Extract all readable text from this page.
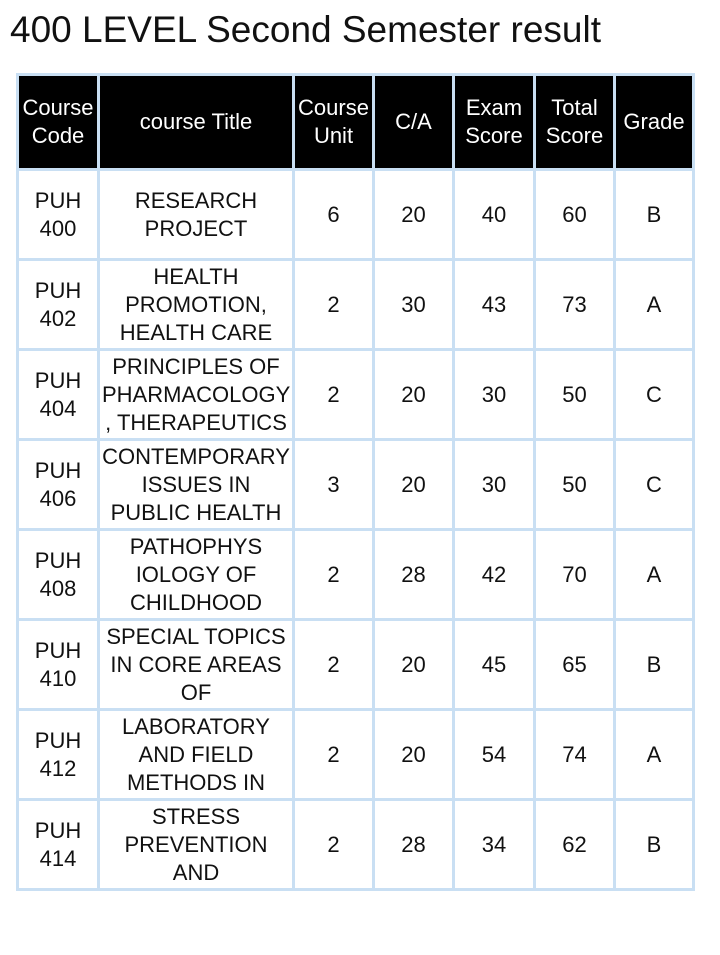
400 LEVEL Second Semester result
Course Code	course Title	Course Unit	C/A	Exam Score	Total Score	Grade
PUH 400	RESEARCH PROJECT	6	20	40	60	B
PUH 402	HEALTH PROMOTION, HEALTH CARE	2	30	43	73	A
PUH 404	PRINCIPLES OF PHARMACOLOGY , THERAPEUTICS	2	20	30	50	C
PUH 406	CONTEMPORARY ISSUES IN PUBLIC HEALTH	3	20	30	50	C
PUH 408	PATHOPHYS IOLOGY OF CHILDHOOD	2	28	42	70	A
PUH 410	SPECIAL TOPICS IN CORE AREAS OF	2	20	45	65	B
PUH 412	LABORATORY AND FIELD METHODS IN	2	20	54	74	A
PUH 414	STRESS PREVENTION AND	2	28	34	62	B
